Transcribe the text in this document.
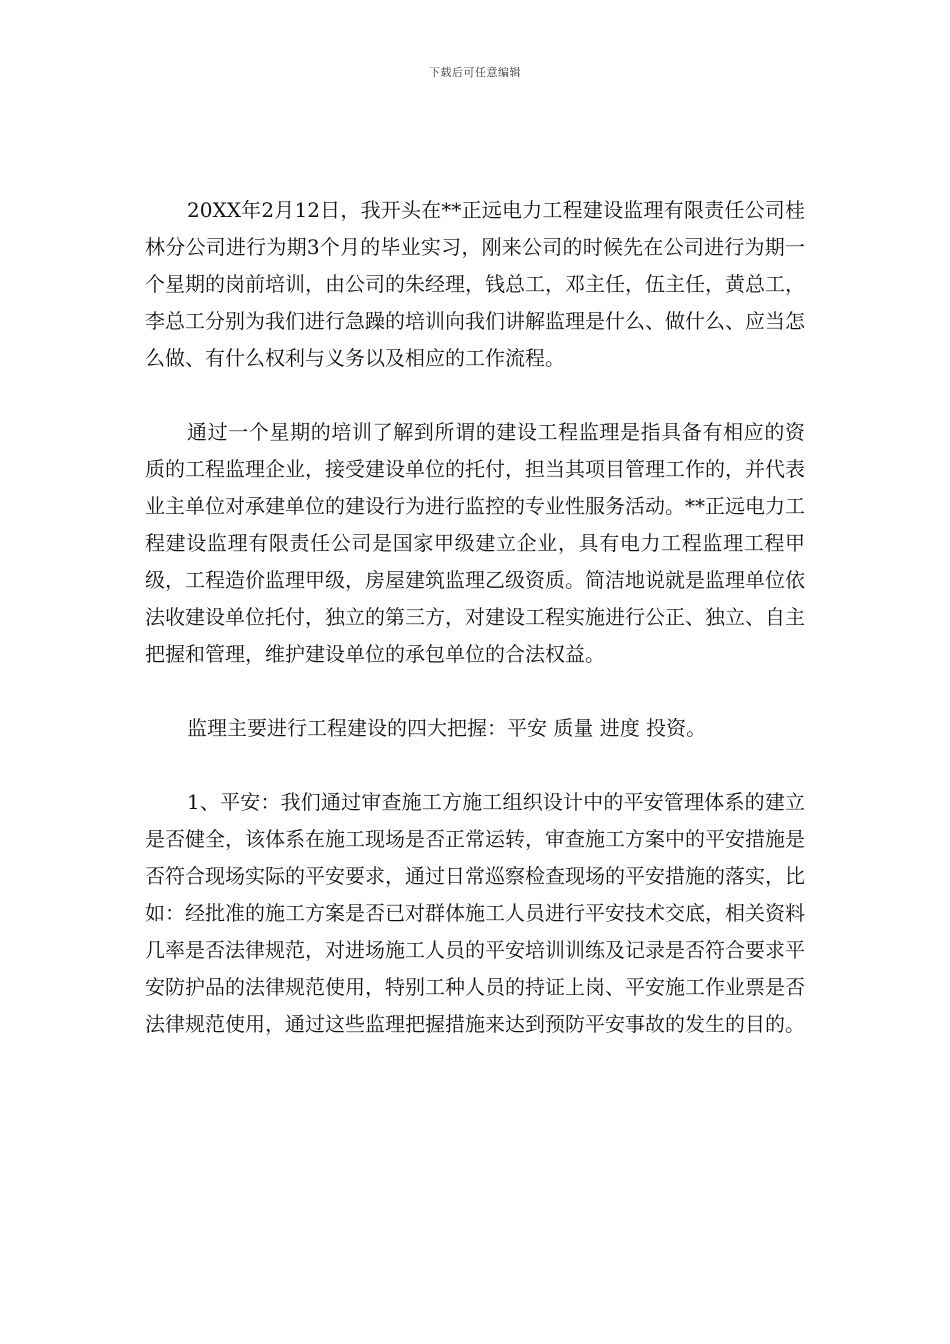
下载后可任意编辑

20XX年2月12日，我开头在**正远电力工程建设监理有限责任公司桂林分公司进行为期3个月的毕业实习，刚来公司的时候先在公司进行为期一个星期的岗前培训，由公司的朱经理，钱总工，邓主任，伍主任，黄总工，李总工分别为我们进行急躁的培训向我们讲解监理是什么、做什么、应当怎么做、有什么权利与义务以及相应的工作流程。

通过一个星期的培训了解到所谓的建设工程监理是指具备有相应的资质的工程监理企业，接受建设单位的托付，担当其项目管理工作的，并代表业主单位对承建单位的建设行为进行监控的专业性服务活动。**正远电力工程建设监理有限责任公司是国家甲级建立企业，具有电力工程监理工程甲级，工程造价监理甲级，房屋建筑监理乙级资质。简洁地说就是监理单位依法收建设单位托付，独立的第三方，对建设工程实施进行公正、独立、自主把握和管理，维护建设单位的承包单位的合法权益。

监理主要进行工程建设的四大把握：平安 质量 进度 投资。

1、平安：我们通过审查施工方施工组织设计中的平安管理体系的建立是否健全，该体系在施工现场是否正常运转，审查施工方案中的平安措施是否符合现场实际的平安要求，通过日常巡察检查现场的平安措施的落实，比如：经批准的施工方案是否已对群体施工人员进行平安技术交底，相关资料几率是否法律规范，对进场施工人员的平安培训训练及记录是否符合要求平安防护品的法律规范使用，特别工种人员的持证上岗、平安施工作业票是否法律规范使用，通过这些监理把握措施来达到预防平安事故的发生的目的。
